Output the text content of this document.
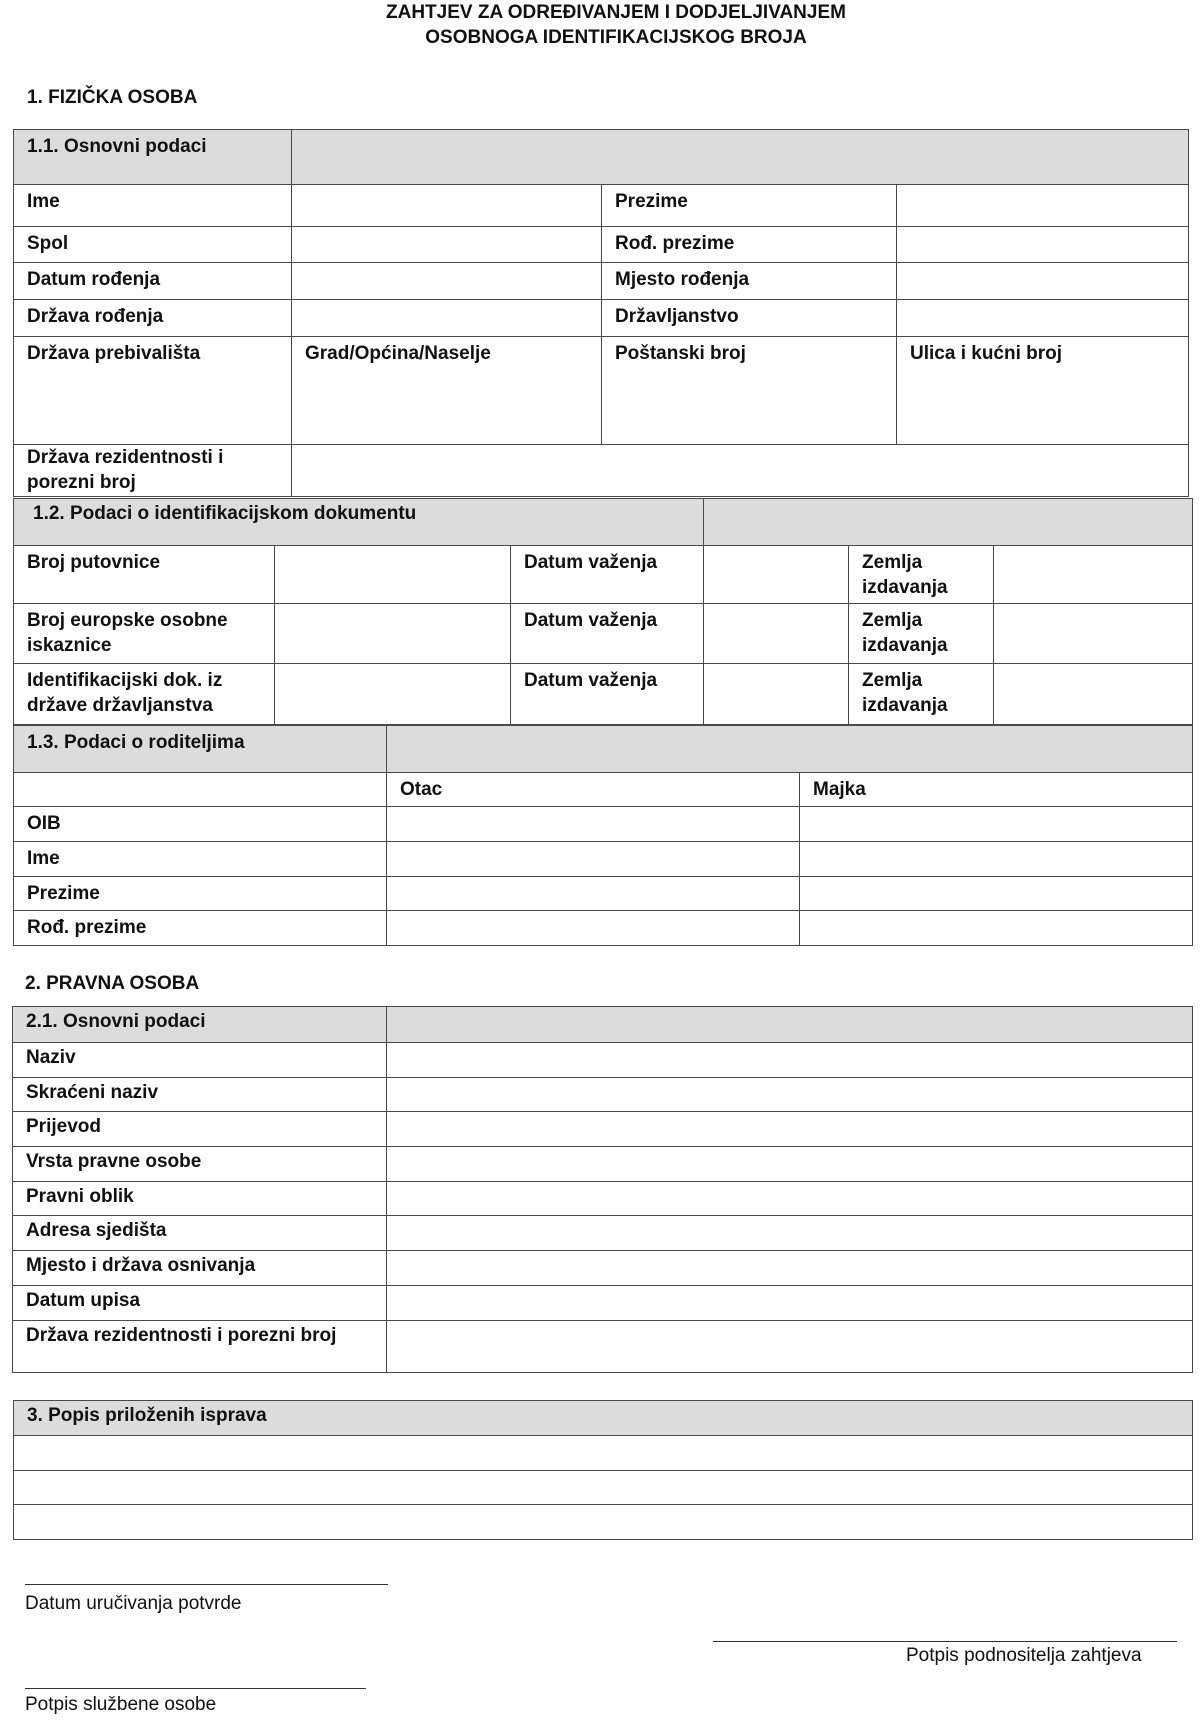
ZAHTJEV ZA ODREĐIVANJEM I DODJELJIVANJEM
OSOBNOGA IDENTIFIKACIJSKOG BROJA
1. FIZIČKA OSOBA
1.1. Osnovni podaci			
Ime		Prezime	
Spol		Rođ. prezime	
Datum rođenja		Mjesto rođenja	
Država rođenja		Državljanstvo	
Država prebivališta	Grad/Općina/Naselje	Poštanski broj	Ulica i kućni broj
Država rezidentnosti i
porezni broj			
1.2. Podaci o identifikacijskom dokumentu					
Broj putovnice		Datum važenja		Zemlja
izdavanja	
Broj europske osobne
iskaznice		Datum važenja		Zemlja
izdavanja	
Identifikacijski dok. iz
države državljanstva		Datum važenja		Zemlja
izdavanja	
1.3. Podaci o roditeljima		
	Otac	Majka
OIB		
Ime		
Prezime		
Rođ. prezime		
2. PRAVNA OSOBA
2.1. Osnovni podaci	
Naziv	
Skraćeni naziv	
Prijevod	
Vrsta pravne osobe	
Pravni oblik	
Adresa sjedišta	
Mjesto i država osnivanja	
Datum upisa	
Država rezidentnosti i porezni broj	
3. Popis priloženih isprava

Datum uručivanja potvrde
Potpis podnositelja zahtjeva
Potpis službene osobe
